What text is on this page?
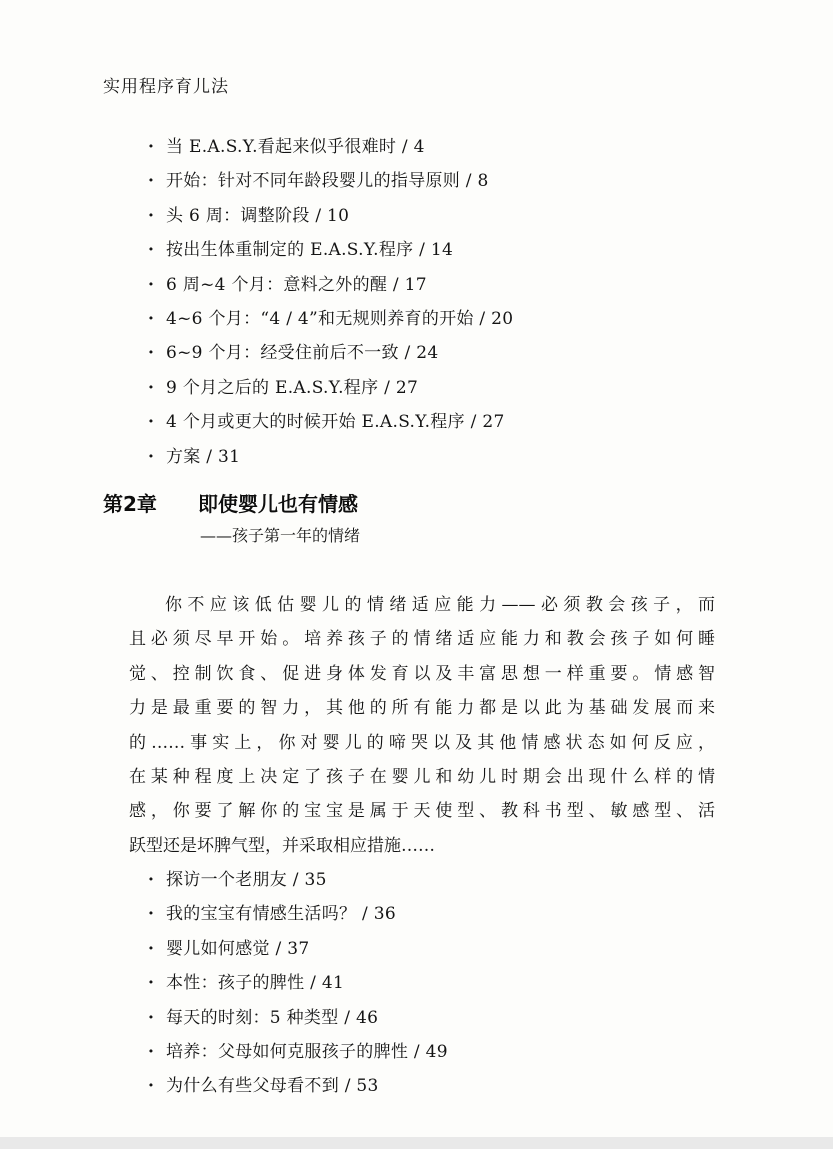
实用程序育儿法
· 当 E.A.S.Y.看起来似乎很难时 / 4
· 开始：针对不同年龄段婴儿的指导原则 / 8
· 头 6 周：调整阶段 / 10
· 按出生体重制定的 E.A.S.Y.程序 / 14
· 6 周~4 个月：意料之外的醒 / 17
· 4~6 个月：“4 / 4”和无规则养育的开始 / 20
· 6~9 个月：经受住前后不一致 / 24
· 9 个月之后的 E.A.S.Y.程序 / 27
· 4 个月或更大的时候开始 E.A.S.Y.程序 / 27
· 方案 / 31
第2章 即使婴儿也有情感
——孩子第一年的情绪

你不应该低估婴儿的情绪适应能力——必须教会孩子，而
且必须尽早开始。培养孩子的情绪适应能力和教会孩子如何睡
觉、控制饮食、促进身体发育以及丰富思想一样重要。情感智
力是最重要的智力，其他的所有能力都是以此为基础发展而来
的……事实上，你对婴儿的啼哭以及其他情感状态如何反应，
在某种程度上决定了孩子在婴儿和幼儿时期会出现什么样的情
感，你要了解你的宝宝是属于天使型、教科书型、敏感型、活
跃型还是坏脾气型，并采取相应措施……

· 探访一个老朋友 / 35
· 我的宝宝有情感生活吗？ / 36
· 婴儿如何感觉 / 37
· 本性：孩子的脾性 / 41
· 每天的时刻：5 种类型 / 46
· 培养：父母如何克服孩子的脾性 / 49
· 为什么有些父母看不到 / 53
